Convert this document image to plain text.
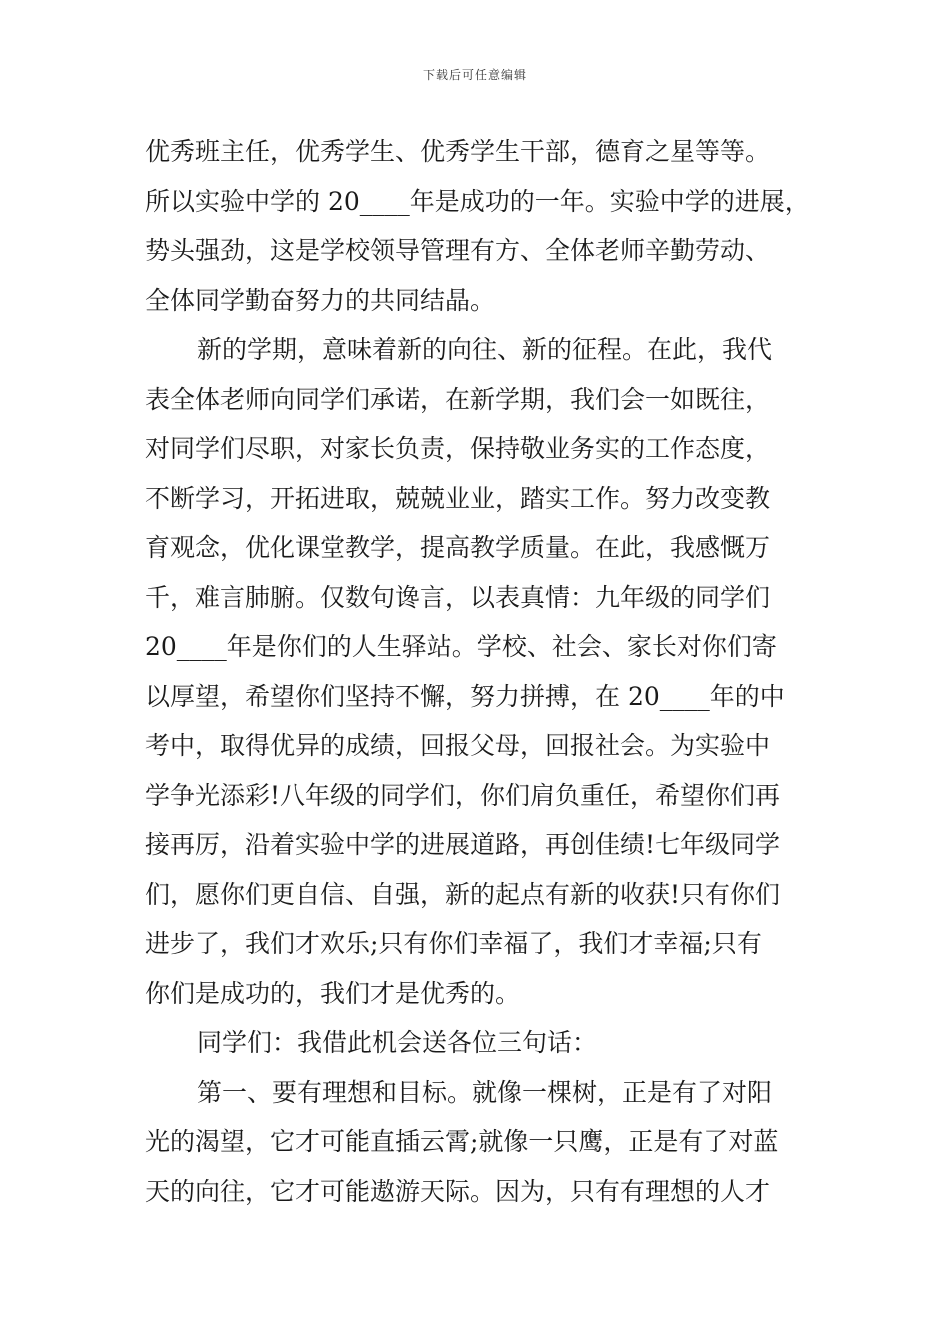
下载后可任意编辑
优秀班主任，优秀学生、优秀学生干部，德育之星等等。
所以实验中学的 20____年是成功的一年。实验中学的进展，
势头强劲，这是学校领导管理有方、全体老师辛勤劳动、
全体同学勤奋努力的共同结晶。
新的学期，意味着新的向往、新的征程。在此，我代
表全体老师向同学们承诺，在新学期，我们会一如既往，
对同学们尽职，对家长负责，保持敬业务实的工作态度，
不断学习，开拓进取，兢兢业业，踏实工作。努力改变教
育观念，优化课堂教学，提高教学质量。在此，我感慨万
千，难言肺腑。仅数句谗言，以表真情：九年级的同学们
20____年是你们的人生驿站。学校、社会、家长对你们寄
以厚望，希望你们坚持不懈，努力拼搏，在 20____年的中
考中，取得优异的成绩，回报父母，回报社会。为实验中
学争光添彩!八年级的同学们，你们肩负重任，希望你们再
接再厉，沿着实验中学的进展道路，再创佳绩!七年级同学
们，愿你们更自信、自强，新的起点有新的收获!只有你们
进步了，我们才欢乐;只有你们幸福了，我们才幸福;只有
你们是成功的，我们才是优秀的。
同学们：我借此机会送各位三句话：
第一、要有理想和目标。就像一棵树，正是有了对阳
光的渴望，它才可能直插云霄;就像一只鹰，正是有了对蓝
天的向往，它才可能遨游天际。因为，只有有理想的人才
